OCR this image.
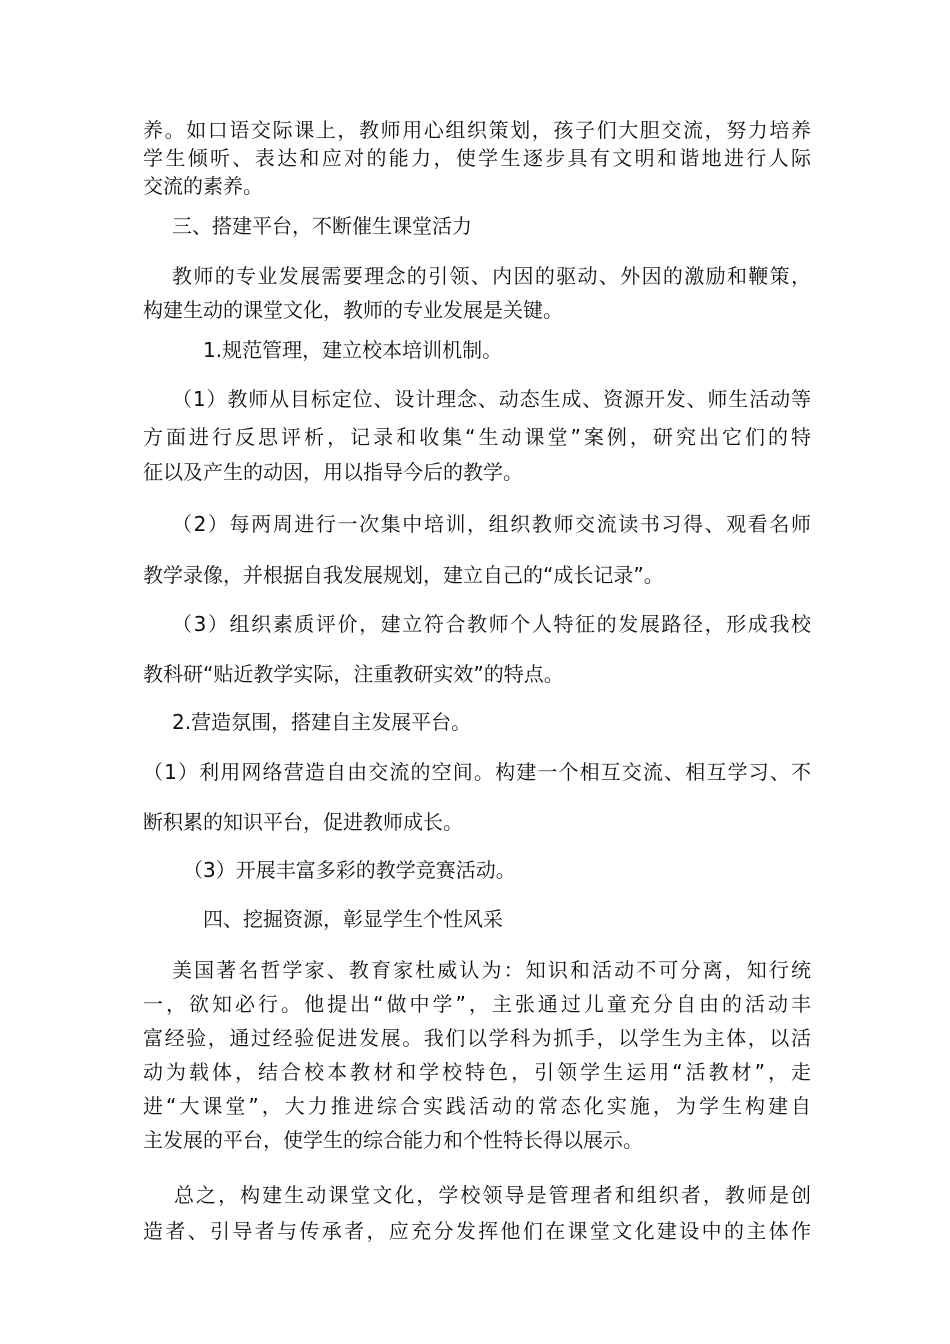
养。如口语交际课上，教师用心组织策划，孩子们大胆交流，努力培养
学生倾听、表达和应对的能力，使学生逐步具有文明和谐地进行人际
交流的素养。
三、搭建平台，不断催生课堂活力
教师的专业发展需要理念的引领、内因的驱动、外因的激励和鞭策，
构建生动的课堂文化，教师的专业发展是关键。
1.规范管理，建立校本培训机制。
（1）教师从目标定位、设计理念、动态生成、资源开发、师生活动等
方面进行反思评析，记录和收集“生动课堂”案例，研究出它们的特
征以及产生的动因，用以指导今后的教学。
（2）每两周进行一次集中培训，组织教师交流读书习得、观看名师
教学录像，并根据自我发展规划，建立自己的“成长记录”。
（3）组织素质评价，建立符合教师个人特征的发展路径，形成我校
教科研“贴近教学实际，注重教研实效”的特点。
2.营造氛围，搭建自主发展平台。
（1）利用网络营造自由交流的空间。构建一个相互交流、相互学习、不
断积累的知识平台，促进教师成长。
（3）开展丰富多彩的教学竞赛活动。
四、挖掘资源，彰显学生个性风采
美国著名哲学家、教育家杜威认为：知识和活动不可分离，知行统
一，欲知必行。他提出“做中学”，主张通过儿童充分自由的活动丰
富经验，通过经验促进发展。我们以学科为抓手，以学生为主体，以活
动为载体，结合校本教材和学校特色，引领学生运用“活教材”，走
进“大课堂”，大力推进综合实践活动的常态化实施，为学生构建自
主发展的平台，使学生的综合能力和个性特长得以展示。
总之，构建生动课堂文化，学校领导是管理者和组织者，教师是创
造者、引导者与传承者，应充分发挥他们在课堂文化建设中的主体作
